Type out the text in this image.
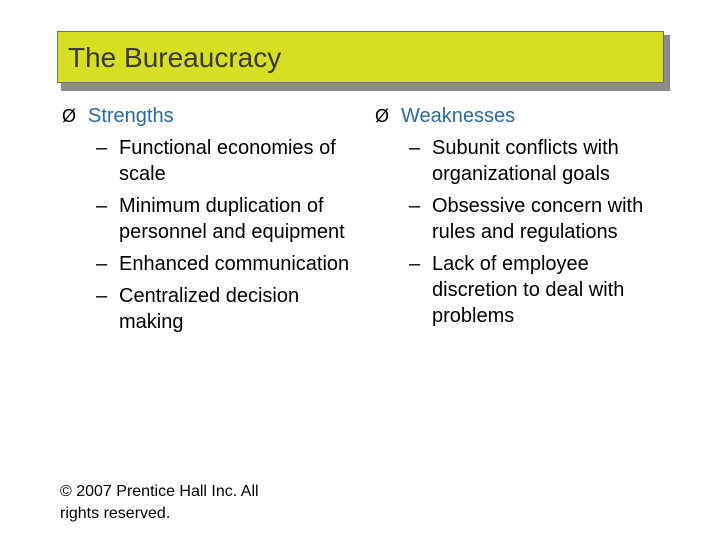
The Bureaucracy
Ø Strengths
– Functional economies of scale
– Minimum duplication of personnel and equipment
– Enhanced communication
– Centralized decision making
Ø Weaknesses
– Subunit conflicts with organizational goals
– Obsessive concern with rules and regulations
– Lack of employee discretion to deal with problems
© 2007 Prentice Hall Inc. All rights reserved.
